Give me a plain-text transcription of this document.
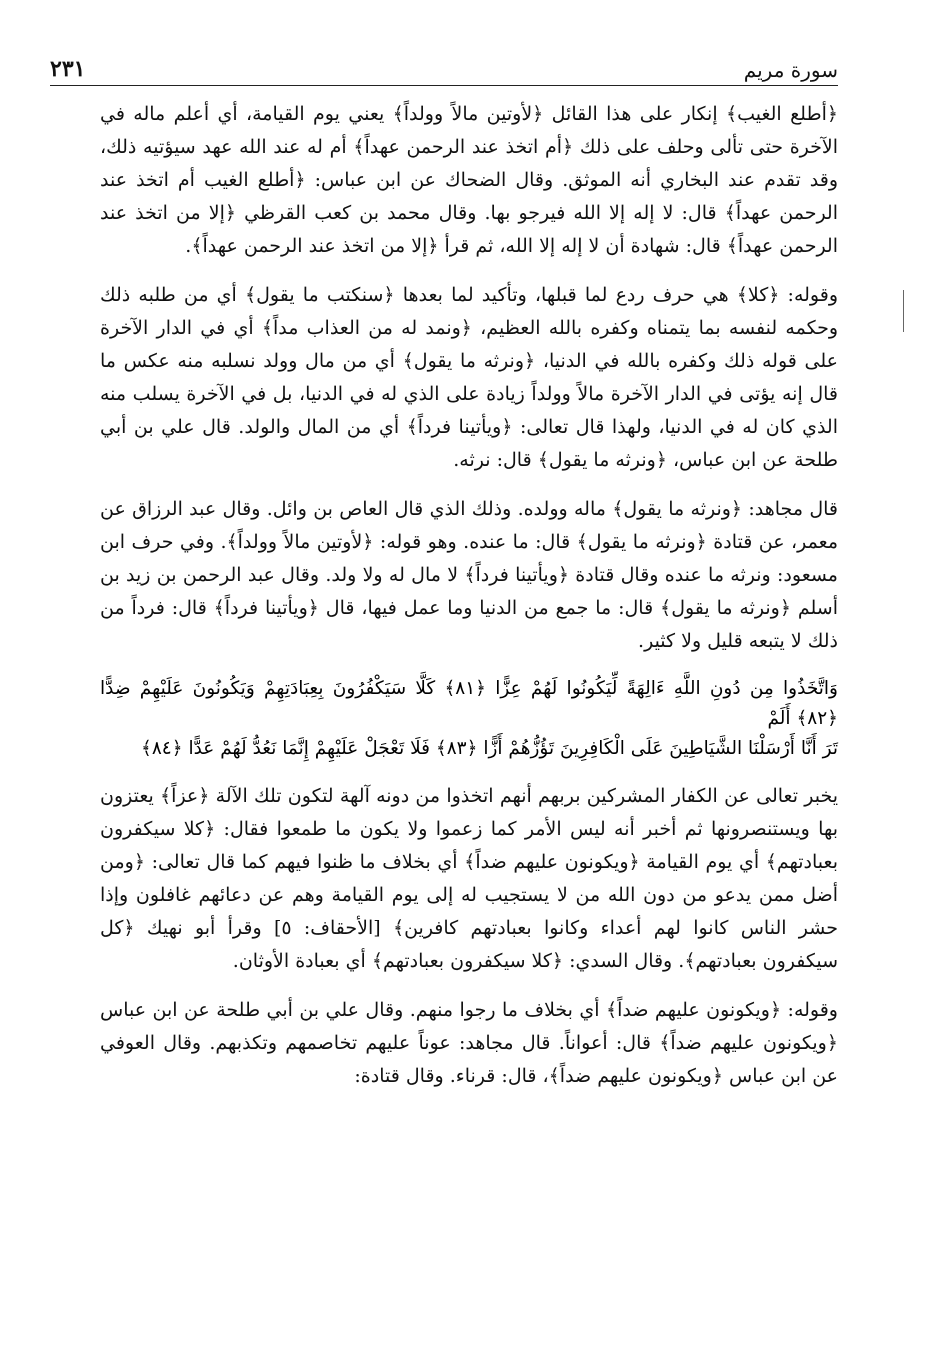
سورة مريم
٢٣١

﴿أطلع الغيب﴾ إنكار على هذا القائل ﴿لأوتين مالاً وولداً﴾ يعني يوم القيامة، أي أعلم ماله في الآخرة حتى تألى وحلف على ذلك ﴿أم اتخذ عند الرحمن عهداً﴾ أم له عند الله عهد سيؤتيه ذلك، وقد تقدم عند البخاري أنه الموثق. وقال الضحاك عن ابن عباس: ﴿أطلع الغيب أم اتخذ عند الرحمن عهداً﴾ قال: لا إله إلا الله فيرجو بها. وقال محمد بن كعب القرظي ﴿إلا من اتخذ عند الرحمن عهداً﴾ قال: شهادة أن لا إله إلا الله، ثم قرأ ﴿إلا من اتخذ عند الرحمن عهداً﴾.

وقوله: ﴿كلا﴾ هي حرف ردع لما قبلها، وتأكيد لما بعدها ﴿سنكتب ما يقول﴾ أي من طلبه ذلك وحكمه لنفسه بما يتمناه وكفره بالله العظيم، ﴿ونمد له من العذاب مداً﴾ أي في الدار الآخرة على قوله ذلك وكفره بالله في الدنيا، ﴿ونرثه ما يقول﴾ أي من مال وولد نسلبه منه عكس ما قال إنه يؤتى في الدار الآخرة مالاً وولداً زيادة على الذي له في الدنيا، بل في الآخرة يسلب منه الذي كان له في الدنيا، ولهذا قال تعالى: ﴿ويأتينا فرداً﴾ أي من المال والولد. قال علي بن أبي طلحة عن ابن عباس، ﴿ونرثه ما يقول﴾ قال: نرثه.

قال مجاهد: ﴿ونرثه ما يقول﴾ ماله وولده. وذلك الذي قال العاص بن وائل. وقال عبد الرزاق عن معمر، عن قتادة ﴿ونرثه ما يقول﴾ قال: ما عنده. وهو قوله: ﴿لأوتين مالاً وولداً﴾. وفي حرف ابن مسعود: ونرثه ما عنده وقال قتادة ﴿ويأتينا فرداً﴾ لا مال له ولا ولد. وقال عبد الرحمن بن زيد بن أسلم ﴿ونرثه ما يقول﴾ قال: ما جمع من الدنيا وما عمل فيها، قال ﴿ويأتينا فرداً﴾ قال: فرداً من ذلك لا يتبعه قليل ولا كثير.

وَاتَّخَذُوا مِن دُونِ اللَّهِ ءَالِهَةً لِّيَكُونُوا لَهُمْ عِزًّا ﴿٨١﴾ كَلَّا سَيَكْفُرُونَ بِعِبَادَتِهِمْ وَيَكُونُونَ عَلَيْهِمْ ضِدًّا ﴿٨٢﴾ أَلَمْ
تَرَ أَنَّا أَرْسَلْنَا الشَّيَاطِينَ عَلَى الْكَافِرِينَ تَؤُزُّهُمْ أَزًّا ﴿٨٣﴾ فَلَا تَعْجَلْ عَلَيْهِمْ إِنَّمَا نَعُدُّ لَهُمْ عَدًّا ﴿٨٤﴾

يخبر تعالى عن الكفار المشركين بربهم أنهم اتخذوا من دونه آلهة لتكون تلك الآلة ﴿عزاً﴾ يعتزون بها ويستنصرونها ثم أخبر أنه ليس الأمر كما زعموا ولا يكون ما طمعوا فقال: ﴿كلا سيكفرون بعبادتهم﴾ أي يوم القيامة ﴿ويكونون عليهم ضداً﴾ أي بخلاف ما ظنوا فيهم كما قال تعالى: ﴿ومن أضل ممن يدعو من دون الله من لا يستجيب له إلى يوم القيامة وهم عن دعائهم غافلون وإذا حشر الناس كانوا لهم أعداء وكانوا بعبادتهم كافرين﴾ [الأحقاف: ٥] وقرأ أبو نهيك ﴿كل سيكفرون بعبادتهم﴾. وقال السدي: ﴿كلا سيكفرون بعبادتهم﴾ أي بعبادة الأوثان.

وقوله: ﴿ويكونون عليهم ضداً﴾ أي بخلاف ما رجوا منهم. وقال علي بن أبي طلحة عن ابن عباس ﴿ويكونون عليهم ضداً﴾ قال: أعواناً. قال مجاهد: عوناً عليهم تخاصمهم وتكذبهم. وقال العوفي عن ابن عباس ﴿ويكونون عليهم ضداً﴾، قال: قرناء. وقال قتادة:
